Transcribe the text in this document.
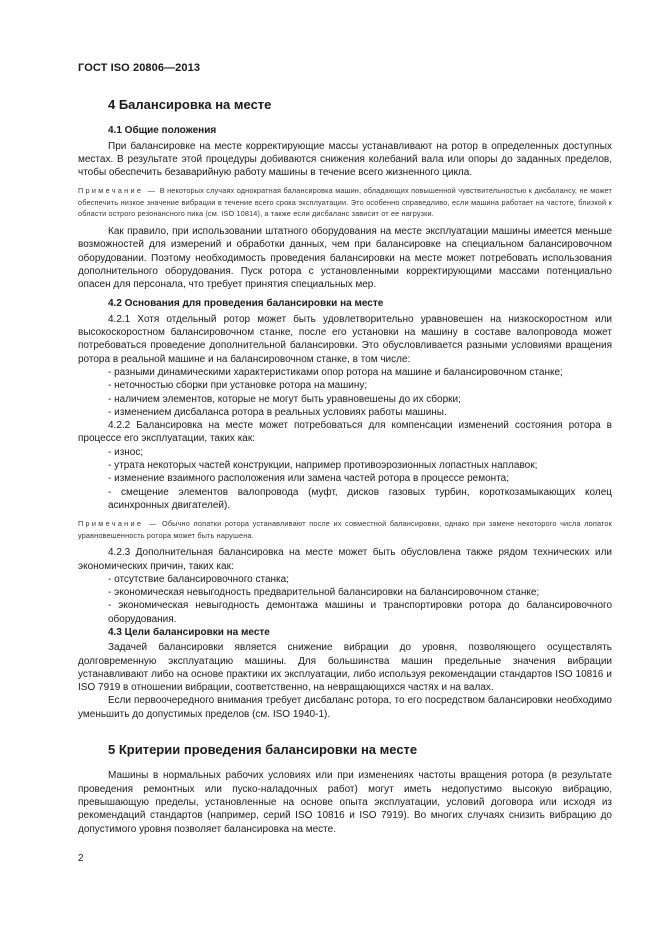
ГОСТ ISO 20806—2013
4 Балансировка на месте
4.1 Общие положения

При балансировке на месте корректирующие массы устанавливают на ротор в определенных доступных местах. В результате этой процедуры добиваются снижения колебаний вала или опоры до заданных пределов, чтобы обеспечить безаварийную работу машины в течение всего жизненного цикла.

Примечание — В некоторых случаях однократная балансировка машин, обладающих повышенной чувствительностью к дисбалансу, не может обеспечить низкое значение вибрации в течение всего срока эксплуатации. Это особенно справедливо, если машина работает на частоте, близкой к области острого резонансного пика (см. ISO 10814), а также если дисбаланс зависит от ее нагрузки.

Как правило, при использовании штатного оборудования на месте эксплуатации машины имеется меньше возможностей для измерений и обработки данных, чем при балансировке на специальном балансировочном оборудовании. Поэтому необходимость проведения балансировки на месте может потребовать использования дополнительного оборудования. Пуск ротора с установленными корректирующими массами потенциально опасен для персонала, что требует принятия специальных мер.

4.2 Основания для проведения балансировки на месте

4.2.1 Хотя отдельный ротор может быть удовлетворительно уравновешен на низкоскоростном или высокоскоростном балансировочном станке, после его установки на машину в составе валопровода может потребоваться проведение дополнительной балансировки. Это обусловливается разными условиями вращения ротора в реальной машине и на балансировочном станке, в том числе:

- разными динамическими характеристиками опор ротора на машине и балансировочном станке;

- неточностью сборки при установке ротора на машину;

- наличием элементов, которые не могут быть уравновешены до их сборки;

- изменением дисбаланса ротора в реальных условиях работы машины.

4.2.2 Балансировка на месте может потребоваться для компенсации изменений состояния ротора в процессе его эксплуатации, таких как:

- износ;

- утрата некоторых частей конструкции, например противоэрозионных лопастных наплавок;

- изменение взаимного расположения или замена частей ротора в процессе ремонта;

- смещение элементов валопровода (муфт, дисков газовых турбин, короткозамыкающих колец асинхронных двигателей).

Примечание — Обычно лопатки ротора устанавливают после их совместной балансировки, однако при замене некоторого числа лопаток уравновешенность ротора может быть нарушена.

4.2.3 Дополнительная балансировка на месте может быть обусловлена также рядом технических или экономических причин, таких как:

- отсутствие балансировочного станка;

- экономическая невыгодность предварительной балансировки на балансировочном станке;

- экономическая невыгодность демонтажа машины и транспортировки ротора до балансировочного оборудования.

4.3 Цели балансировки на месте

Задачей балансировки является снижение вибрации до уровня, позволяющего осуществлять долговременную эксплуатацию машины. Для большинства машин предельные значения вибрации устанавливают либо на основе практики их эксплуатации, либо используя рекомендации стандартов ISO 10816 и ISO 7919 в отношении вибрации, соответственно, на невращающихся частях и на валах.

Если первоочередного внимания требует дисбаланс ротора, то его посредством балансировки необходимо уменьшить до допустимых пределов (см. ISO 1940-1).

5 Критерии проведения балансировки на месте

Машины в нормальных рабочих условиях или при изменениях частоты вращения ротора (в результате проведения ремонтных или пуско-наладочных работ) могут иметь недопустимо высокую вибрацию, превышающую пределы, установленные на основе опыта эксплуатации, условий договора или исходя из рекомендаций стандартов (например, серий ISO 10816 и ISO 7919). Во многих случаях снизить вибрацию до допустимого уровня позволяет балансировка на месте.

2
